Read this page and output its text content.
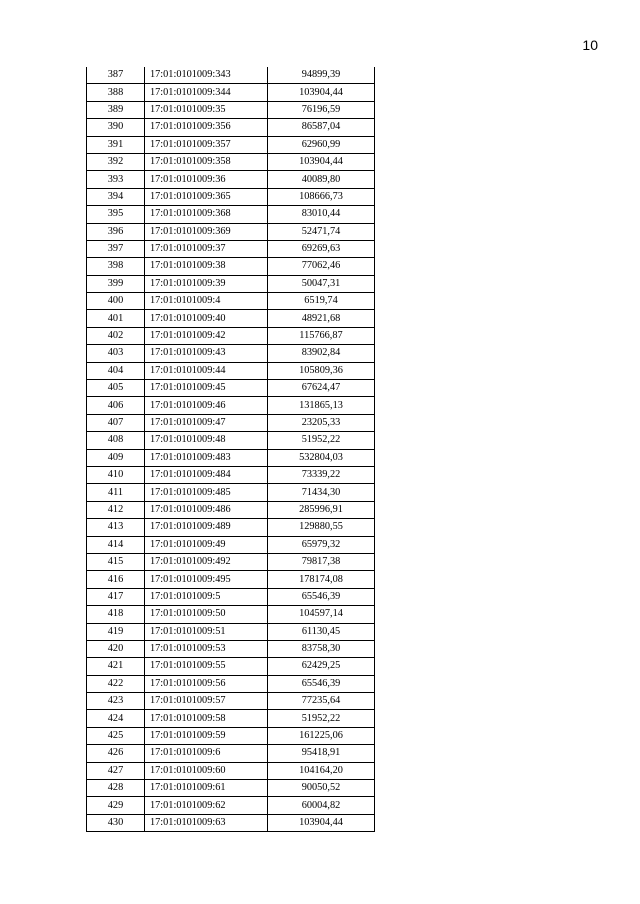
10
387	17:01:0101009:343	94899,39
388	17:01:0101009:344	103904,44
389	17:01:0101009:35	76196,59
390	17:01:0101009:356	86587,04
391	17:01:0101009:357	62960,99
392	17:01:0101009:358	103904,44
393	17:01:0101009:36	40089,80
394	17:01:0101009:365	108666,73
395	17:01:0101009:368	83010,44
396	17:01:0101009:369	52471,74
397	17:01:0101009:37	69269,63
398	17:01:0101009:38	77062,46
399	17:01:0101009:39	50047,31
400	17:01:0101009:4	6519,74
401	17:01:0101009:40	48921,68
402	17:01:0101009:42	115766,87
403	17:01:0101009:43	83902,84
404	17:01:0101009:44	105809,36
405	17:01:0101009:45	67624,47
406	17:01:0101009:46	131865,13
407	17:01:0101009:47	23205,33
408	17:01:0101009:48	51952,22
409	17:01:0101009:483	532804,03
410	17:01:0101009:484	73339,22
411	17:01:0101009:485	71434,30
412	17:01:0101009:486	285996,91
413	17:01:0101009:489	129880,55
414	17:01:0101009:49	65979,32
415	17:01:0101009:492	79817,38
416	17:01:0101009:495	178174,08
417	17:01:0101009:5	65546,39
418	17:01:0101009:50	104597,14
419	17:01:0101009:51	61130,45
420	17:01:0101009:53	83758,30
421	17:01:0101009:55	62429,25
422	17:01:0101009:56	65546,39
423	17:01:0101009:57	77235,64
424	17:01:0101009:58	51952,22
425	17:01:0101009:59	161225,06
426	17:01:0101009:6	95418,91
427	17:01:0101009:60	104164,20
428	17:01:0101009:61	90050,52
429	17:01:0101009:62	60004,82
430	17:01:0101009:63	103904,44
